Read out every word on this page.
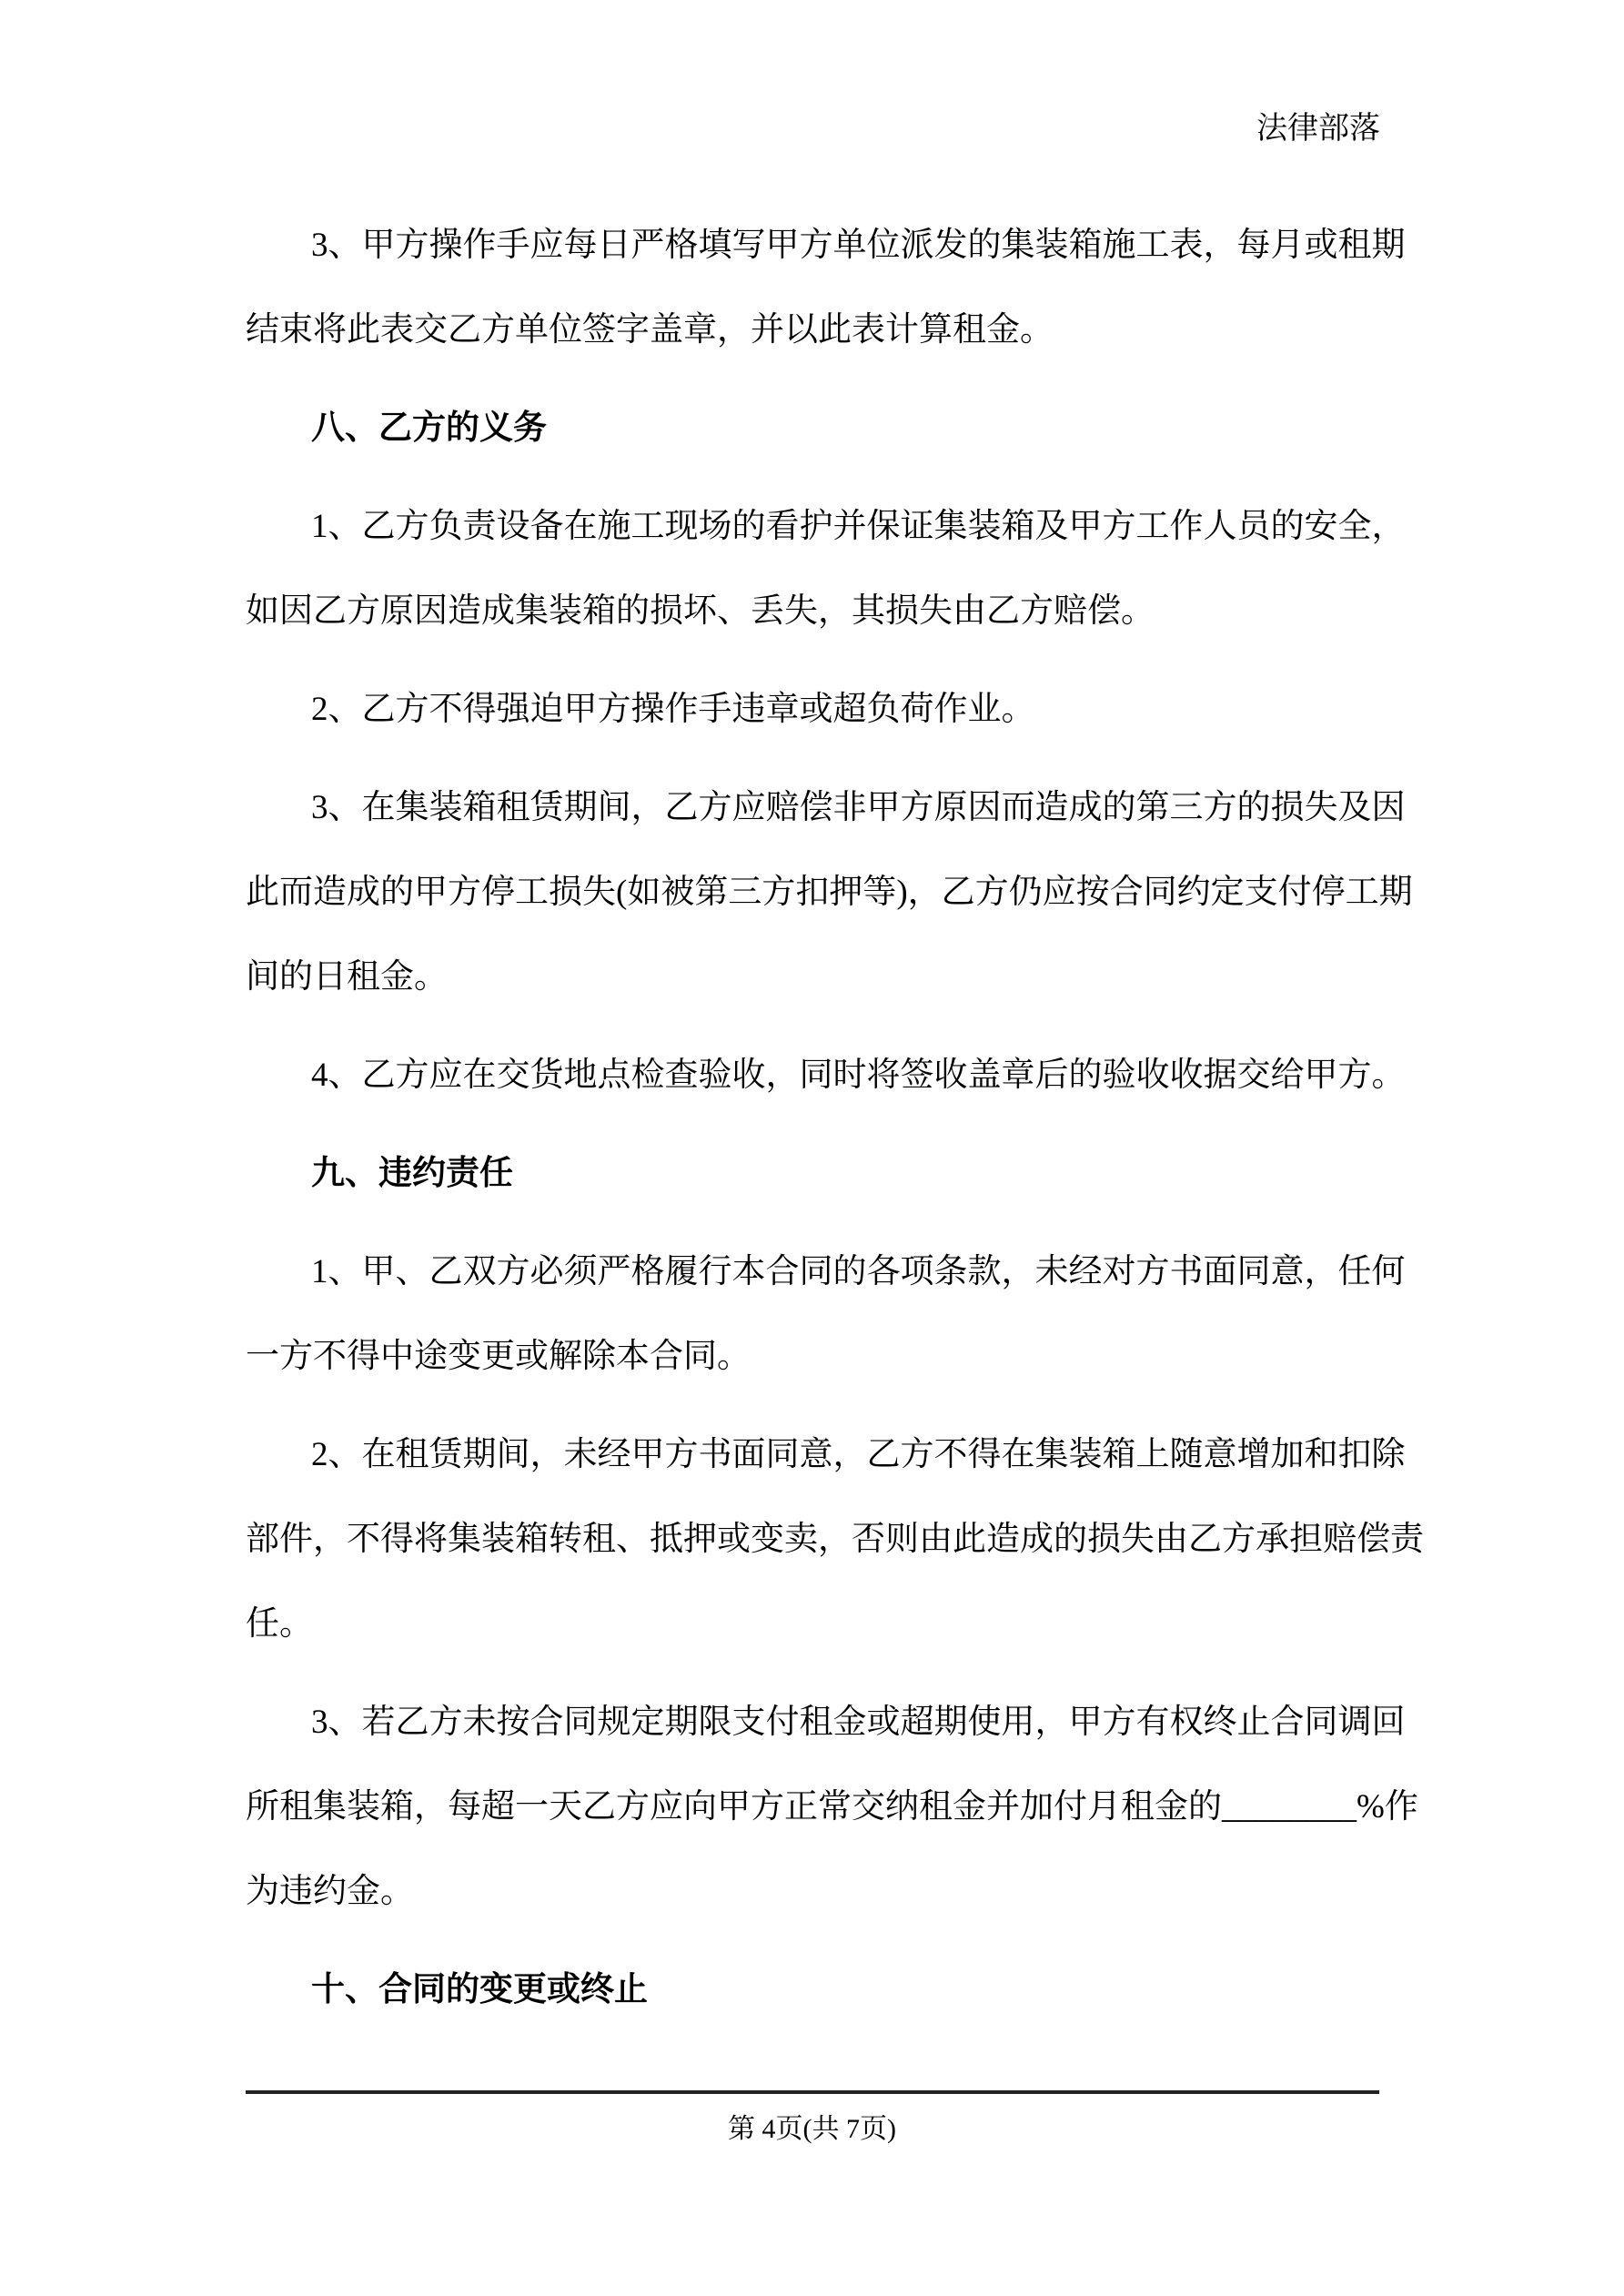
法律部落
3、甲方操作手应每日严格填写甲方单位派发的集装箱施工表，每月或租期
结束将此表交乙方单位签字盖章，并以此表计算租金。
八、乙方的义务
1、乙方负责设备在施工现场的看护并保证集装箱及甲方工作人员的安全，
如因乙方原因造成集装箱的损坏、丢失，其损失由乙方赔偿。
2、乙方不得强迫甲方操作手违章或超负荷作业。
3、在集装箱租赁期间，乙方应赔偿非甲方原因而造成的第三方的损失及因
此而造成的甲方停工损失(如被第三方扣押等)，乙方仍应按合同约定支付停工期
间的日租金。
4、乙方应在交货地点检查验收，同时将签收盖章后的验收收据交给甲方。
九、违约责任
1、甲、乙双方必须严格履行本合同的各项条款，未经对方书面同意，任何
一方不得中途变更或解除本合同。
2、在租赁期间，未经甲方书面同意，乙方不得在集装箱上随意增加和扣除
部件，不得将集装箱转租、抵押或变卖，否则由此造成的损失由乙方承担赔偿责
任。
3、若乙方未按合同规定期限支付租金或超期使用，甲方有权终止合同调回
所租集装箱，每超一天乙方应向甲方正常交纳租金并加付月租金的________%作
为违约金。
十、合同的变更或终止
第 4页(共 7页)
